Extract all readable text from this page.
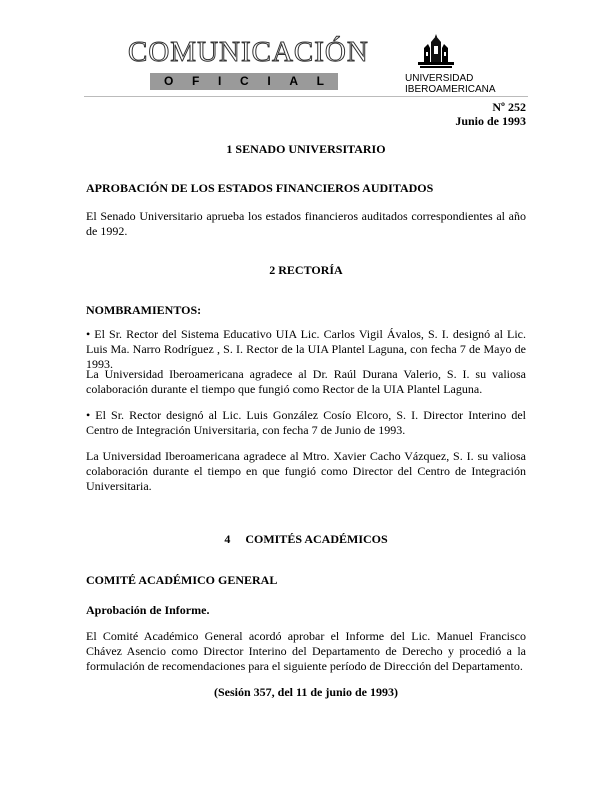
COMUNICACIÓN
O F I C I A L	UNIVERSIDAD
IBEROAMERICANA
Nº 252
Junio de 1993
1 SENADO UNIVERSITARIO
APROBACIÓN DE LOS ESTADOS FINANCIEROS AUDITADOS
El Senado Universitario aprueba los estados financieros auditados correspondientes al año de 1992.
2 RECTORÍA
NOMBRAMIENTOS:
• El Sr. Rector del Sistema Educativo UIA Lic. Carlos Vigil Ávalos, S. I. designó al Lic. Luis Ma. Narro Rodríguez , S. I. Rector de la UIA Plantel Laguna, con fecha 7 de Mayo de 1993.
La Universidad Iberoamericana agradece al Dr. Raúl Durana Valerio, S. I. su valiosa colaboración durante el tiempo que fungió como Rector de la UIA Plantel Laguna.
• El Sr. Rector designó al Lic. Luis González Cosío Elcoro, S. I. Director Interino del Centro de Integración Universitaria, con fecha 7 de Junio de 1993.
La Universidad Iberoamericana agradece al Mtro. Xavier Cacho Vázquez, S. I. su valiosa colaboración durante el tiempo en que fungió como Director del Centro de Integración Universitaria.
4     COMITÉS ACADÉMICOS
COMITÉ ACADÉMICO GENERAL
Aprobación de Informe.
El Comité Académico General acordó aprobar el Informe del Lic. Manuel Francisco Chávez Asencio como Director Interino del Departamento de Derecho y procedió a la formulación de recomendaciones para el siguiente período de Dirección del Departamento.
(Sesión 357, del 11 de junio de 1993)
